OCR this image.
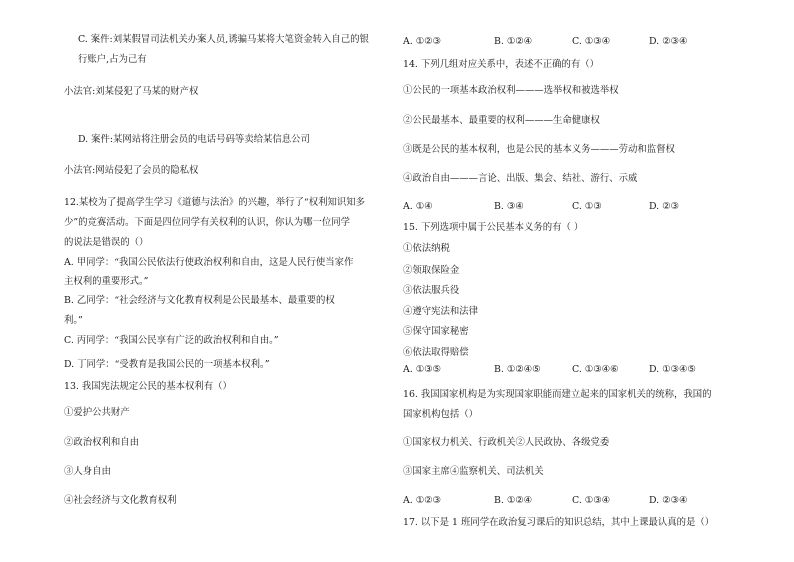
C. 案件:刘某假冒司法机关办案人员,诱骗马某将大笔资金转入自己的银
行账户,占为己有
小法官:刘某侵犯了马某的财产权
D. 案件:某网站将注册会员的电话号码等卖给某信息公司
小法官:网站侵犯了会员的隐私权
12.某校为了提高学生学习《道德与法治》的兴趣，举行了“权利知识知多
少”的竞赛活动。下面是四位同学有关权利的认识，你认为哪一位同学
的说法是错误的（）
A. 甲同学：“我国公民依法行使政治权利和自由，这是人民行使当家作
主权利的重要形式。”
B. 乙同学：“社会经济与文化教育权利是公民最基本、最重要的权
利。”
C. 丙同学：“我国公民享有广泛的政治权利和自由。”
D. 丁同学：“受教育是我国公民的一项基本权利。”
13. 我国宪法规定公民的基本权利有（）
①爱护公共财产
②政治权利和自由
③人身自由
④社会经济与文化教育权利
A. ①②③	B. ①②④	C. ①③④	D. ②③④
14. 下列几组对应关系中，表述不正确的有（）
①公民的一项基本政治权利———选举权和被选举权
②公民最基本、最重要的权利———生命健康权
③既是公民的基本权利，也是公民的基本义务———劳动和监督权
④政治自由———言论、出版、集会、结社、游行、示威
A. ①④	B. ③④	C. ①③	D. ②③
15. 下列选项中属于公民基本义务的有（ ）
①依法纳税
②领取保险金
③依法服兵役
④遵守宪法和法律
⑤保守国家秘密
⑥依法取得赔偿
A. ①③⑤	B. ①②④⑤	C. ①③④⑥	D. ①③④⑤
16. 我国国家机构是为实现国家职能而建立起来的国家机关的统称，我国的
国家机构包括（）
①国家权力机关、行政机关②人民政协、各级党委
③国家主席④监察机关、司法机关
A. ①②③	B. ①②④	C. ①③④	D. ②③④
17. 以下是 1 班同学在政治复习课后的知识总结，其中上课最认真的是（）
